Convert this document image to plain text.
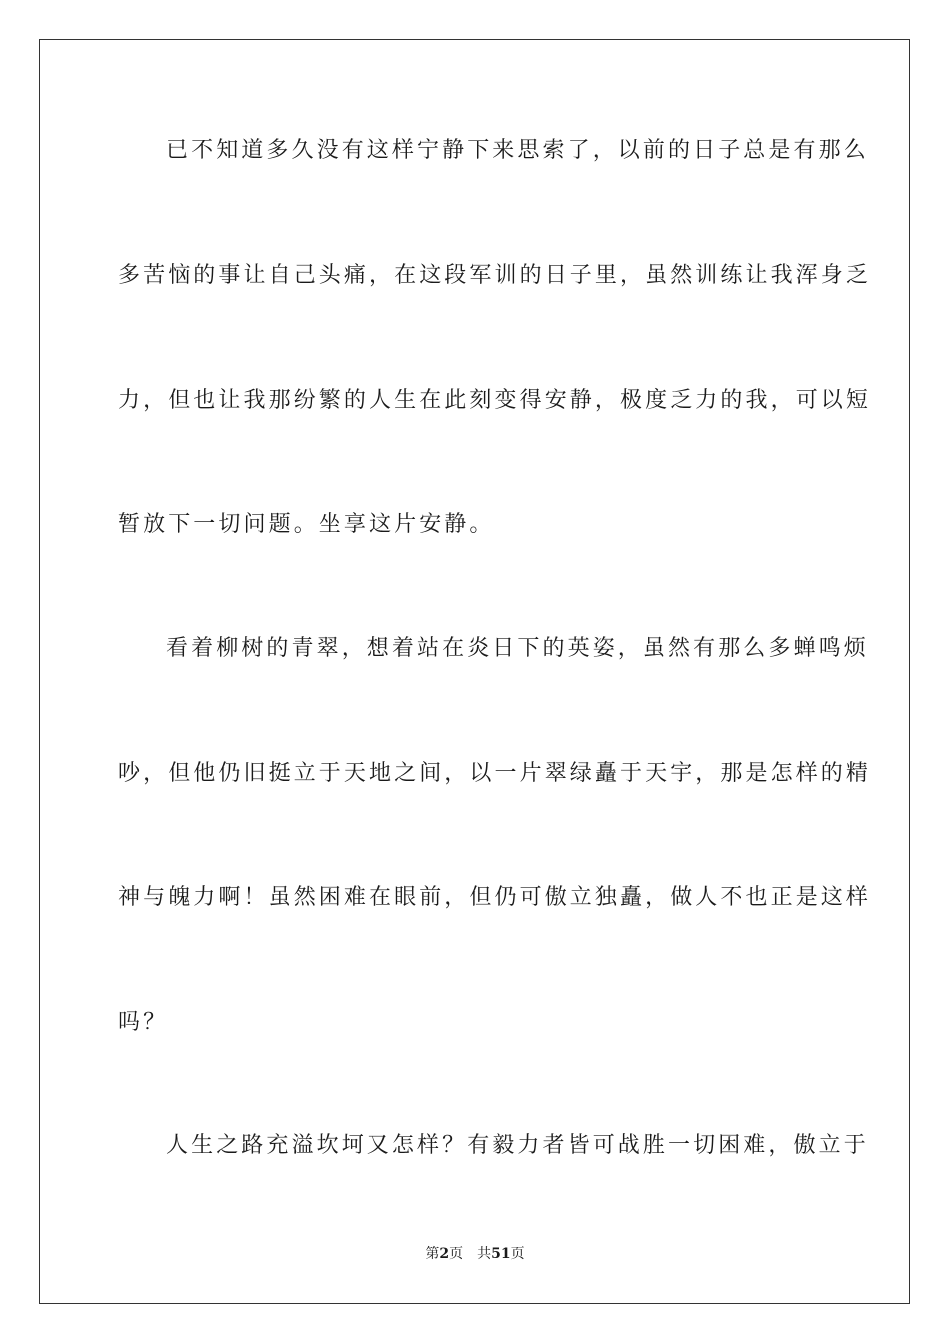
已不知道多久没有这样宁静下来思索了，以前的日子总是有那么
多苦恼的事让自己头痛，在这段军训的日子里，虽然训练让我浑身乏
力，但也让我那纷繁的人生在此刻变得安静，极度乏力的我，可以短
暂放下一切问题。坐享这片安静。
看着柳树的青翠，想着站在炎日下的英姿，虽然有那么多蝉鸣烦
吵，但他仍旧挺立于天地之间，以一片翠绿矗于天宇，那是怎样的精
神与魄力啊！虽然困难在眼前，但仍可傲立独矗，做人不也正是这样
吗？
人生之路充溢坎坷又怎样？有毅力者皆可战胜一切困难，傲立于
第2页 共51页
